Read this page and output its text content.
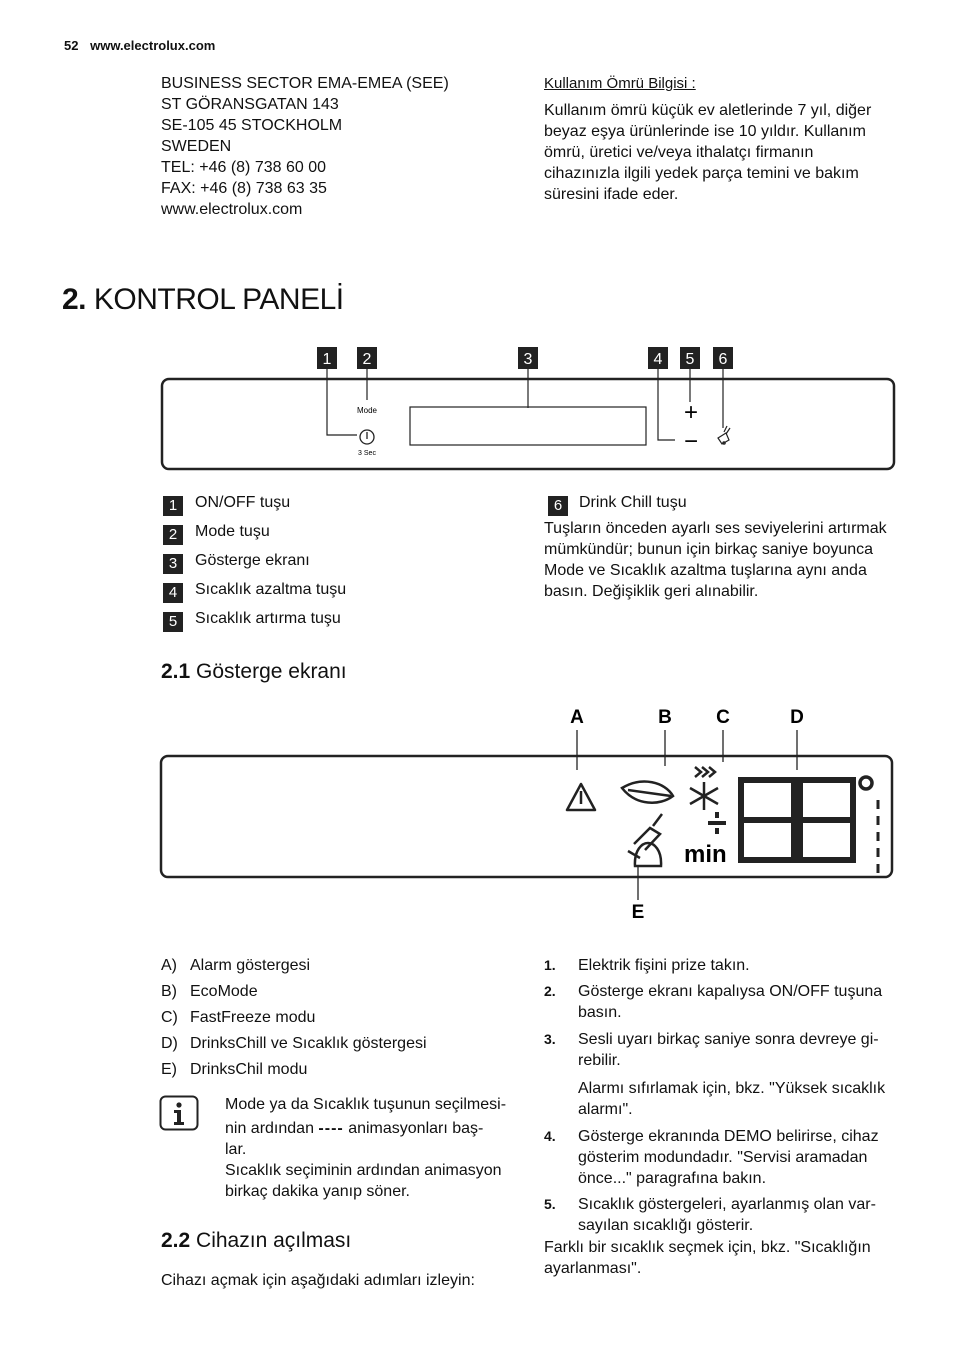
52 www.electrolux.com
BUSINESS SECTOR EMA-EMEA (SEE)
ST GÖRANSGATAN 143
SE-105 45 STOCKHOLM
SWEDEN
TEL: +46 (8) 738 60 00
FAX: +46 (8) 738 63 35
www.electrolux.com
Kullanım Ömrü Bilgisi :
Kullanım ömrü küçük ev aletlerinde 7 yıl, diğer
beyaz eşya ürünlerinde ise 10 yıldır. Kullanım
ömrü, üretici ve/veya ithalatçı firmanın
cihazınızla ilgili yedek parça temini ve bakım
süresini ifade eder.
2. KONTROL PANELİ
1 2	3	4 5 6
Mode
3 Sec
+
−
1	ON/OFF tuşu
2	Mode tuşu
3	Gösterge ekranı
4	Sıcaklık azaltma tuşu
5	Sıcaklık artırma tuşu
6	Drink Chill tuşu
Tuşların önceden ayarlı ses seviyelerini artırmak
mümkündür; bunun için birkaç saniye boyunca
Mode ve Sıcaklık azaltma tuşlarına aynı anda
basın. Değişiklik geri alınabilir.
2.1 Gösterge ekranı
A	B C	D
E
min
A) Alarm göstergesi
B) EcoMode
C) FastFreeze modu
D) DrinksChill ve Sıcaklık göstergesi
E) DrinksChil modu
Mode ya da Sıcaklık tuşunun seçilmesi-
nin ardından ---- animasyonları baş-
lar.
Sıcaklık seçiminin ardından animasyon
birkaç dakika yanıp söner.
2.2 Cihazın açılması
Cihazı açmak için aşağıdaki adımları izleyin:
1. Elektrik fişini prize takın.
2. Gösterge ekranı kapalıysa ON/OFF tuşuna
basın.
3. Sesli uyarı birkaç saniye sonra devreye gi-
rebilir.
Alarmı sıfırlamak için, bkz. "Yüksek sıcaklık
alarmı".
4. Gösterge ekranında DEMO belirirse, cihaz
gösterim modundadır. "Servisi aramadan
önce..." paragrafına bakın.
5. Sıcaklık göstergeleri, ayarlanmış olan var-
sayılan sıcaklığı gösterir.
Farklı bir sıcaklık seçmek için, bkz. "Sıcaklığın
ayarlanması".
